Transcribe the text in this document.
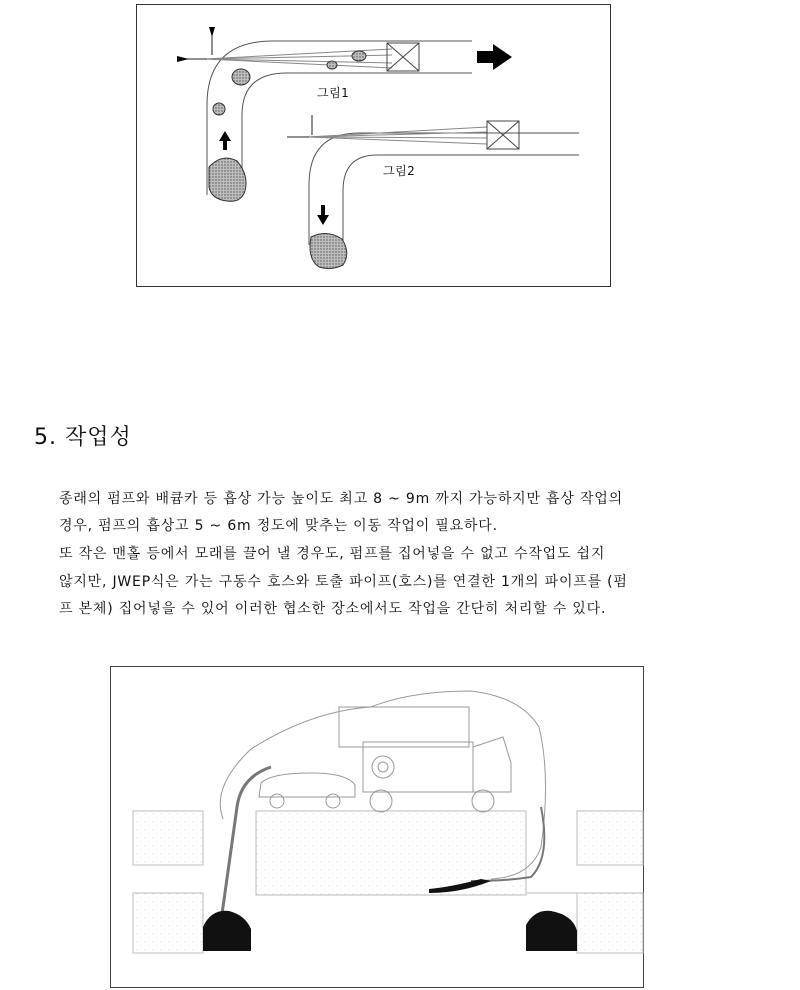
그림1
그림2
5. 작업성
종래의 펌프와 배큠카 등 흡상 가능 높이도 최고 8 ~ 9m 까지 가능하지만 흡상 작업의
경우, 펌프의 흡상고 5 ~ 6m 정도에 맞추는 이동 작업이 필요하다.
또 작은 맨홀 등에서 모래를 끌어 낼 경우도, 펌프를 집어넣을 수 없고 수작업도 쉽지
않지만, JWEP식은 가는 구동수 호스와 토출 파이프(호스)를 연결한 1개의 파이프를 (펌
프 본체) 집어넣을 수 있어 이러한 협소한 장소에서도 작업을 간단히 처리할 수 있다.
